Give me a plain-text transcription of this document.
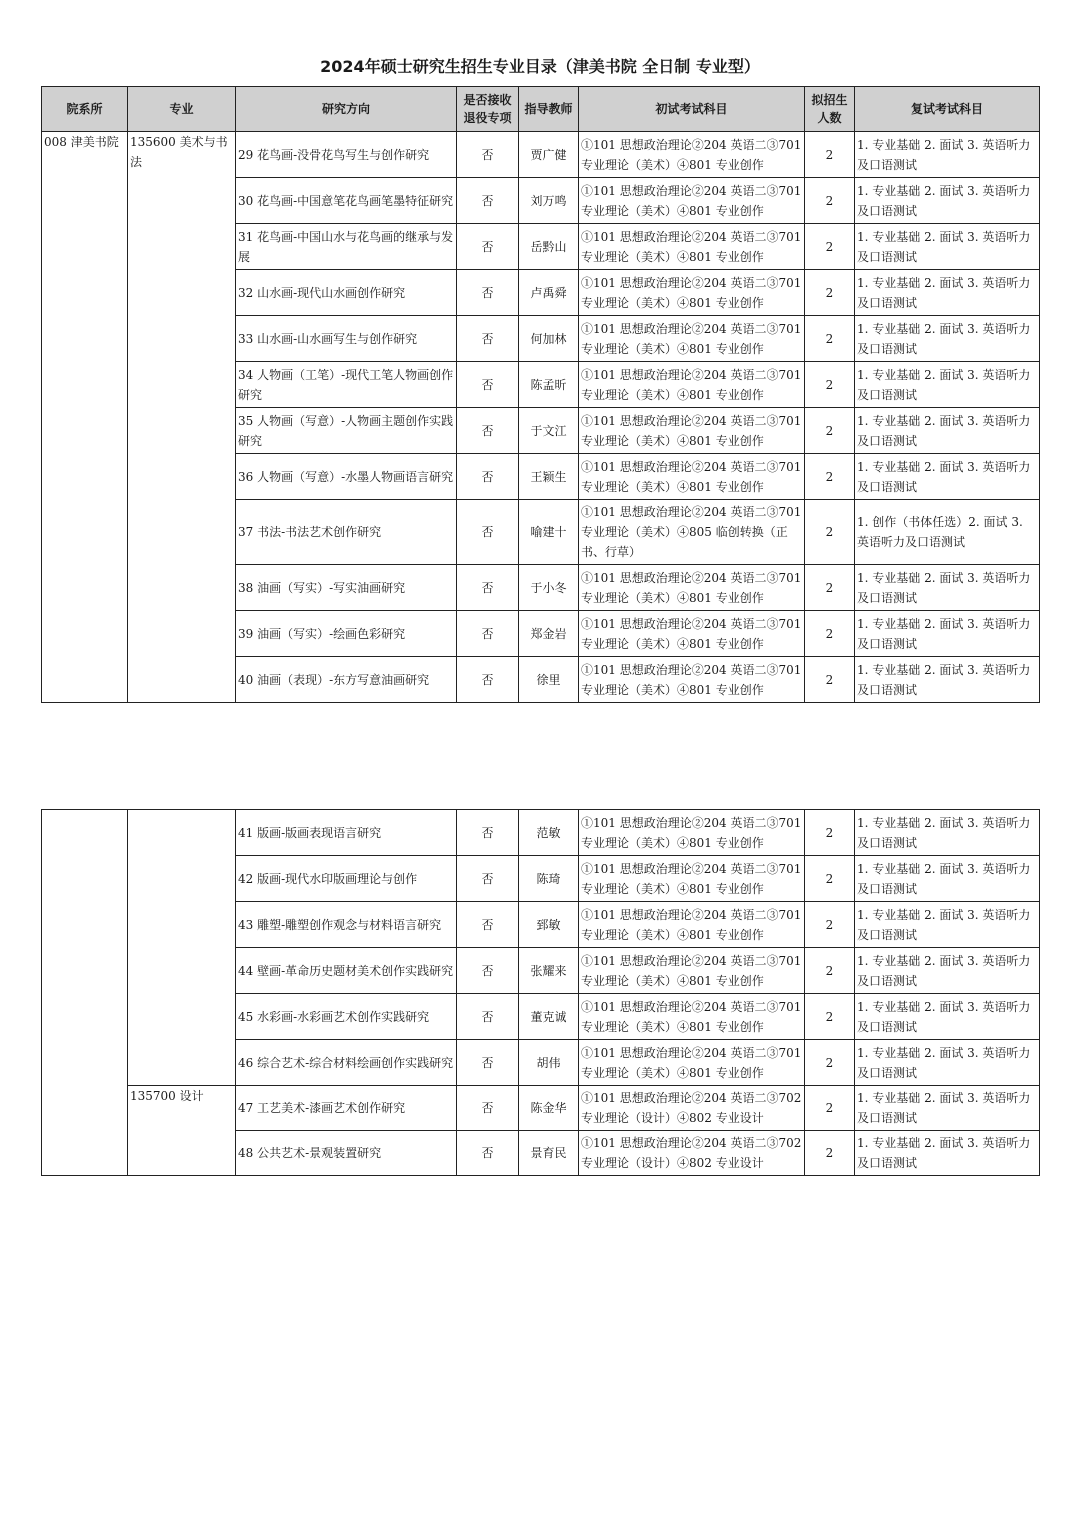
2024年硕士研究生招生专业目录（津美书院 全日制 专业型）
院系所	专业	研究方向	是否接收退役专项	指导教师	初试考试科目	拟招生人数	复试考试科目
008 津美书院	135600 美术与书法	29 花鸟画-没骨花鸟写生与创作研究	否	贾广健	①101 思想政治理论②204 英语二③701 专业理论（美术）④801 专业创作	2	1. 专业基础 2. 面试 3. 英语听力及口语测试
		30 花鸟画-中国意笔花鸟画笔墨特征研究	否	刘万鸣	①101 思想政治理论②204 英语二③701 专业理论（美术）④801 专业创作	2	1. 专业基础 2. 面试 3. 英语听力及口语测试
		31 花鸟画-中国山水与花鸟画的继承与发展	否	岳黔山	①101 思想政治理论②204 英语二③701 专业理论（美术）④801 专业创作	2	1. 专业基础 2. 面试 3. 英语听力及口语测试
		32 山水画-现代山水画创作研究	否	卢禹舜	①101 思想政治理论②204 英语二③701 专业理论（美术）④801 专业创作	2	1. 专业基础 2. 面试 3. 英语听力及口语测试
		33 山水画-山水画写生与创作研究	否	何加林	①101 思想政治理论②204 英语二③701 专业理论（美术）④801 专业创作	2	1. 专业基础 2. 面试 3. 英语听力及口语测试
		34 人物画（工笔）-现代工笔人物画创作研究	否	陈孟昕	①101 思想政治理论②204 英语二③701 专业理论（美术）④801 专业创作	2	1. 专业基础 2. 面试 3. 英语听力及口语测试
		35 人物画（写意）-人物画主题创作实践研究	否	于文江	①101 思想政治理论②204 英语二③701 专业理论（美术）④801 专业创作	2	1. 专业基础 2. 面试 3. 英语听力及口语测试
		36 人物画（写意）-水墨人物画语言研究	否	王颖生	①101 思想政治理论②204 英语二③701 专业理论（美术）④801 专业创作	2	1. 专业基础 2. 面试 3. 英语听力及口语测试
		37 书法-书法艺术创作研究	否	喻建十	①101 思想政治理论②204 英语二③701 专业理论（美术）④805 临创转换（正书、行草）	2	1. 创作（书体任选）2. 面试 3. 英语听力及口语测试
		38 油画（写实）-写实油画研究	否	于小冬	①101 思想政治理论②204 英语二③701 专业理论（美术）④801 专业创作	2	1. 专业基础 2. 面试 3. 英语听力及口语测试
		39 油画（写实）-绘画色彩研究	否	郑金岩	①101 思想政治理论②204 英语二③701 专业理论（美术）④801 专业创作	2	1. 专业基础 2. 面试 3. 英语听力及口语测试
		40 油画（表现）-东方写意油画研究	否	徐里	①101 思想政治理论②204 英语二③701 专业理论（美术）④801 专业创作	2	1. 专业基础 2. 面试 3. 英语听力及口语测试
		41 版画-版画表现语言研究	否	范敏	①101 思想政治理论②204 英语二③701 专业理论（美术）④801 专业创作	2	1. 专业基础 2. 面试 3. 英语听力及口语测试
		42 版画-现代水印版画理论与创作	否	陈琦	①101 思想政治理论②204 英语二③701 专业理论（美术）④801 专业创作	2	1. 专业基础 2. 面试 3. 英语听力及口语测试
		43 雕塑-雕塑创作观念与材料语言研究	否	郅敏	①101 思想政治理论②204 英语二③701 专业理论（美术）④801 专业创作	2	1. 专业基础 2. 面试 3. 英语听力及口语测试
		44 壁画-革命历史题材美术创作实践研究	否	张耀来	①101 思想政治理论②204 英语二③701 专业理论（美术）④801 专业创作	2	1. 专业基础 2. 面试 3. 英语听力及口语测试
		45 水彩画-水彩画艺术创作实践研究	否	董克诚	①101 思想政治理论②204 英语二③701 专业理论（美术）④801 专业创作	2	1. 专业基础 2. 面试 3. 英语听力及口语测试
		46 综合艺术-综合材料绘画创作实践研究	否	胡伟	①101 思想政治理论②204 英语二③701 专业理论（美术）④801 专业创作	2	1. 专业基础 2. 面试 3. 英语听力及口语测试
	135700 设计	47 工艺美术-漆画艺术创作研究	否	陈金华	①101 思想政治理论②204 英语二③702 专业理论（设计）④802 专业设计	2	1. 专业基础 2. 面试 3. 英语听力及口语测试
		48 公共艺术-景观装置研究	否	景育民	①101 思想政治理论②204 英语二③702 专业理论（设计）④802 专业设计	2	1. 专业基础 2. 面试 3. 英语听力及口语测试
